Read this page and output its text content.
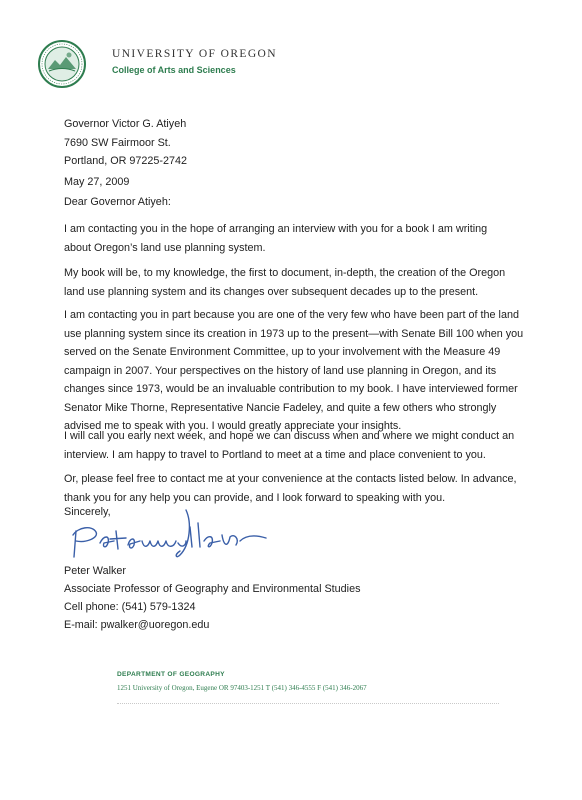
UNIVERSITY OF OREGON
College of Arts and Sciences
Governor Victor G. Atiyeh
7690 SW Fairmoor St.
Portland, OR 97225-2742
May 27, 2009
Dear Governor Atiyeh:
I am contacting you in the hope of arranging an interview with you for a book I am writing
about Oregon’s land use planning system.
My book will be, to my knowledge, the first to document, in-depth, the creation of the Oregon
land use planning system and its changes over subsequent decades up to the present.
I am contacting you in part because you are one of the very few who have been part of the land
use planning system since its creation in 1973 up to the present—with Senate Bill 100 when you
served on the Senate Environment Committee, up to your involvement with the Measure 49
campaign in 2007. Your perspectives on the history of land use planning in Oregon, and its
changes since 1973, would be an invaluable contribution to my book. I have interviewed former
Senator Mike Thorne, Representative Nancie Fadeley, and quite a few others who strongly
advised me to speak with you. I would greatly appreciate your insights.
I will call you early next week, and hope we can discuss when and where we might conduct an
interview. I am happy to travel to Portland to meet at a time and place convenient to you.
Or, please feel free to contact me at your convenience at the contacts listed below. In advance,
thank you for any help you can provide, and I look forward to speaking with you.
Sincerely,
Peter Walker
Associate Professor of Geography and Environmental Studies
Cell phone: (541) 579-1324
E-mail: pwalker@uoregon.edu
DEPARTMENT OF GEOGRAPHY
1251 University of Oregon, Eugene OR 97403-1251 T (541) 346-4555 F (541) 346-2067
